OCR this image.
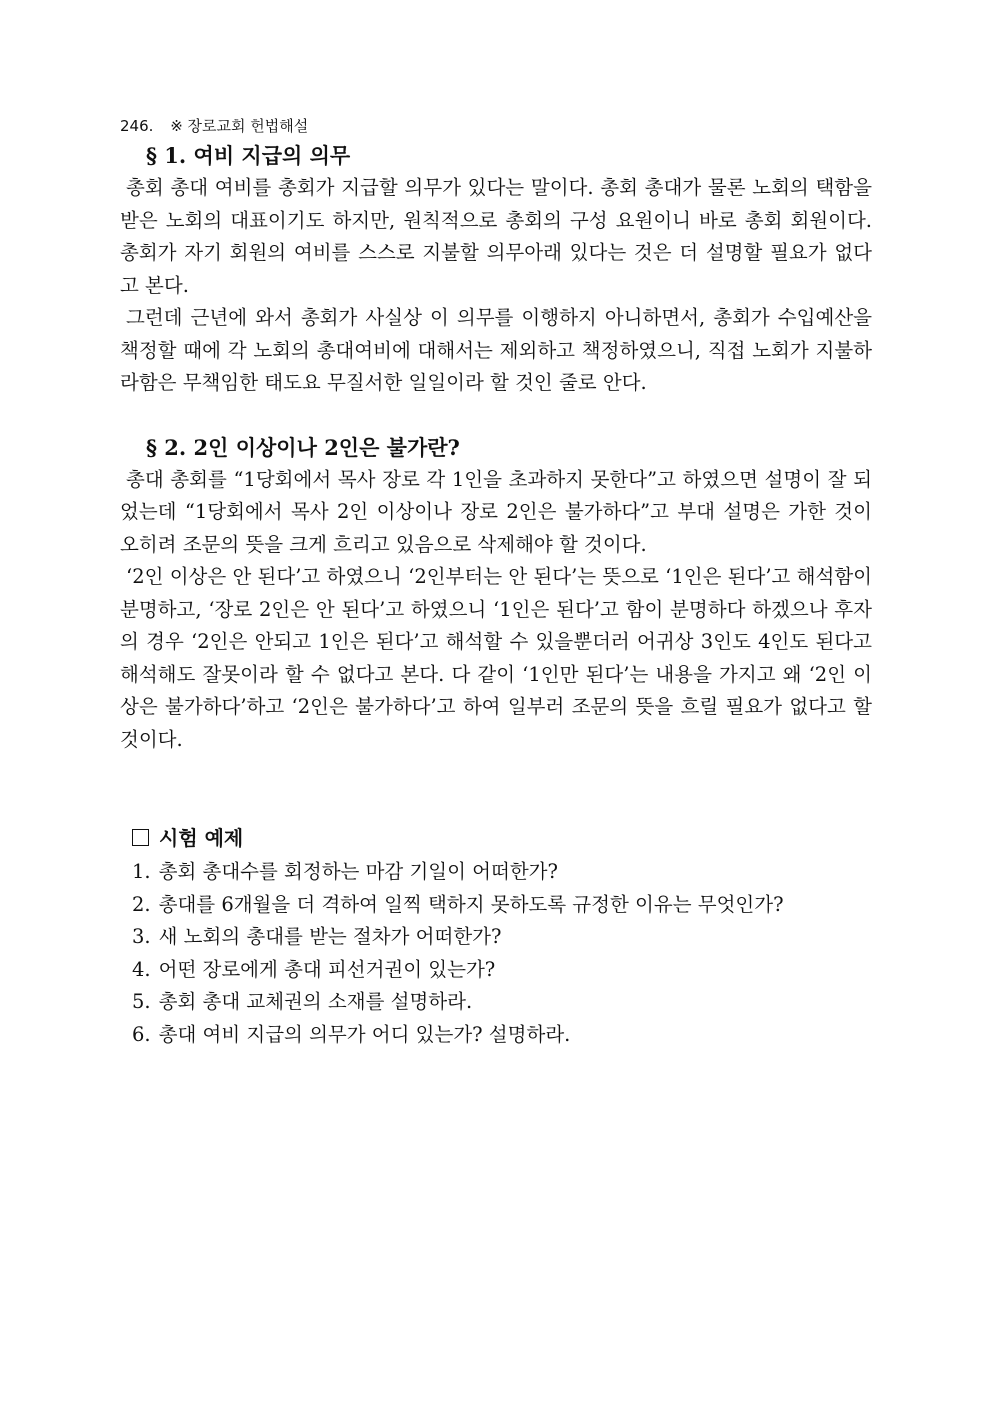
246. ※ 장로교회 헌법해설
§ 1. 여비 지급의 의무

총회 총대 여비를 총회가 지급할 의무가 있다는 말이다. 총회 총대가 물론 노회의 택함을 받은 노회의 대표이기도 하지만, 원칙적으로 총회의 구성 요원이니 바로 총회 회원이다. 총회가 자기 회원의 여비를 스스로 지불할 의무아래 있다는 것은 더 설명할 필요가 없다고 본다.

그런데 근년에 와서 총회가 사실상 이 의무를 이행하지 아니하면서, 총회가 수입예산을 책정할 때에 각 노회의 총대여비에 대해서는 제외하고 책정하였으니, 직접 노회가 지불하라함은 무책임한 태도요 무질서한 일일이라 할 것인 줄로 안다.

§ 2. 2인 이상이나 2인은 불가란?

총대 총회를 “1당회에서 목사 장로 각 1인을 초과하지 못한다”고 하였으면 설명이 잘 되었는데 “1당회에서 목사 2인 이상이나 장로 2인은 불가하다”고 부대 설명은 가한 것이 오히려 조문의 뜻을 크게 흐리고 있음으로 삭제해야 할 것이다.

‘2인 이상은 안 된다’고 하였으니 ‘2인부터는 안 된다’는 뜻으로 ‘1인은 된다’고 해석함이 분명하고, ‘장로 2인은 안 된다’고 하였으니 ‘1인은 된다’고 함이 분명하다 하겠으나 후자의 경우 ‘2인은 안되고 1인은 된다’고 해석할 수 있을뿐더러 어귀상 3인도 4인도 된다고 해석해도 잘못이라 할 수 없다고 본다. 다 같이 ‘1인만 된다’는 내용을 가지고 왜 ‘2인 이상은 불가하다’하고 ‘2인은 불가하다’고 하여 일부러 조문의 뜻을 흐릴 필요가 없다고 할 것이다.

시험 예제
1. 총회 총대수를 회정하는 마감 기일이 어떠한가?
2. 총대를 6개월을 더 격하여 일찍 택하지 못하도록 규정한 이유는 무엇인가?
3. 새 노회의 총대를 받는 절차가 어떠한가?
4. 어떤 장로에게 총대 피선거권이 있는가?
5. 총회 총대 교체권의 소재를 설명하라.
6. 총대 여비 지급의 의무가 어디 있는가? 설명하라.
